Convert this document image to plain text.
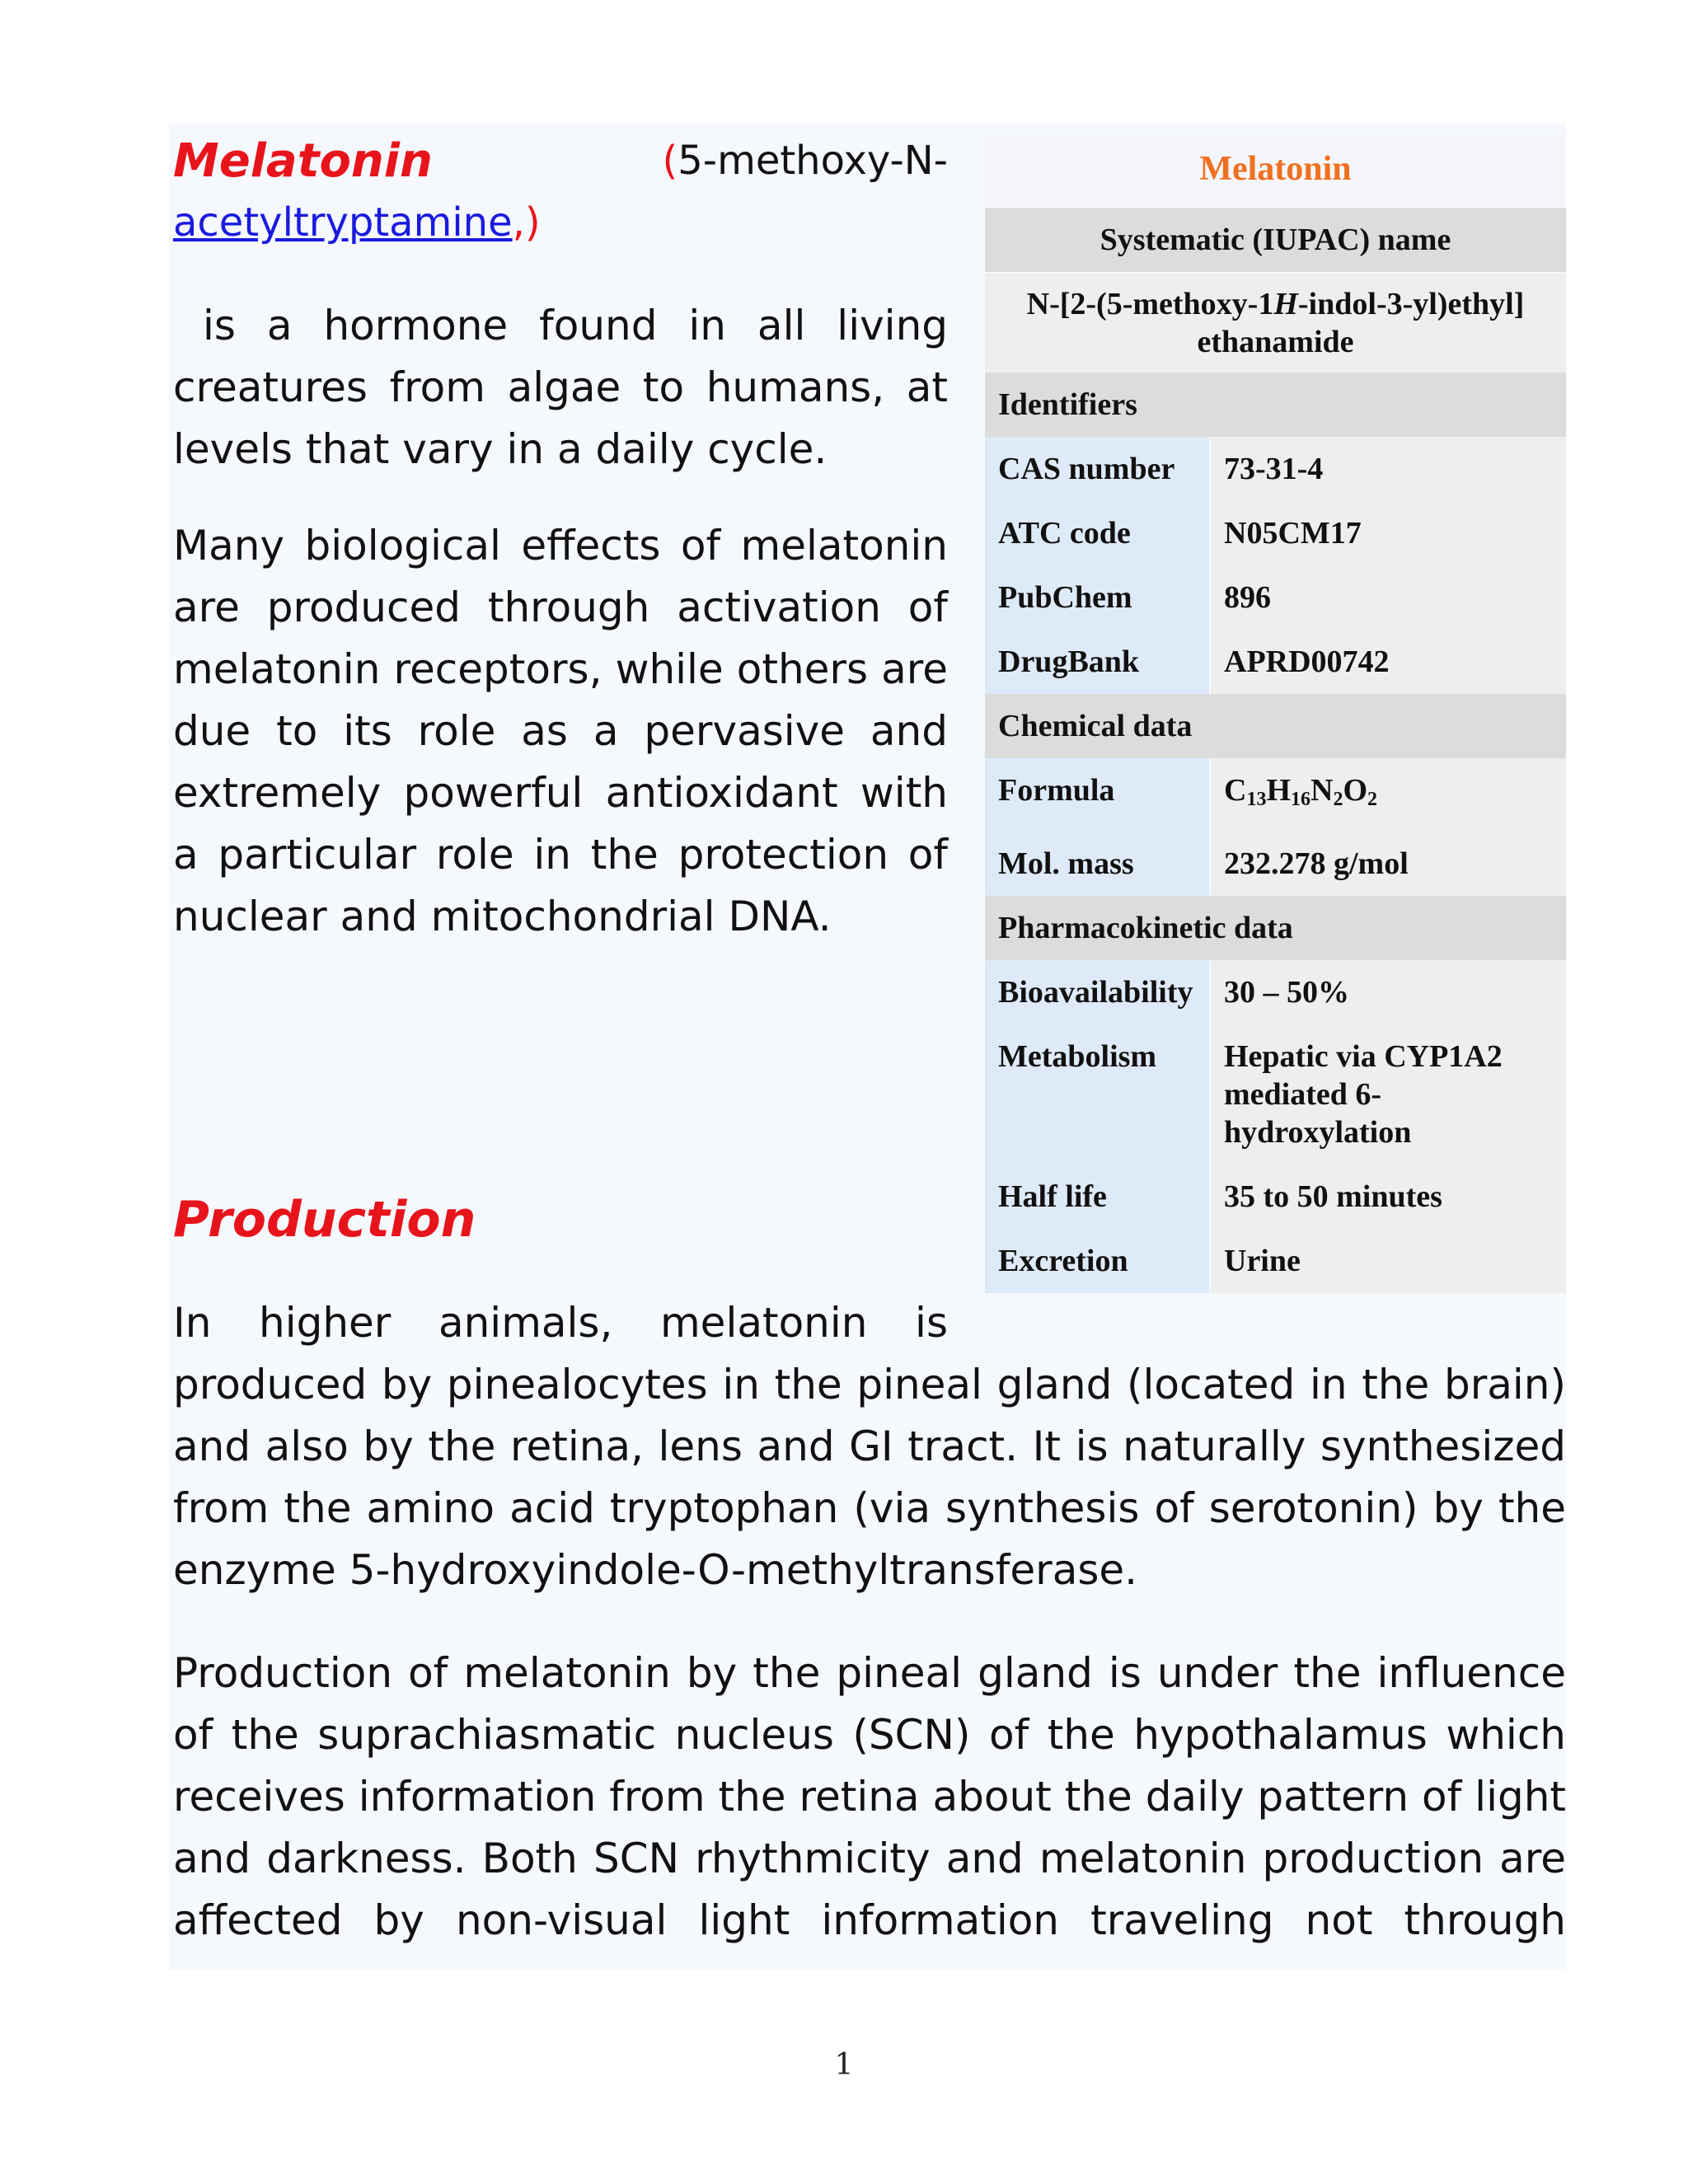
Melatonin	(5-methoxy-N-
acetyltryptamine,)
is a hormone found in all living creatures from algae to humans, at levels that vary in a daily cycle.
Many biological effects of melatonin are produced through activation of melatonin receptors, while others are due to its role as a pervasive and extremely powerful antioxidant with a particular role in the protection of nuclear and mitochondrial DNA.
Production
In higher animals, melatonin is
produced by pinealocytes in the pineal gland (located in the brain) and also by the retina, lens and GI tract. It is naturally synthesized from the amino acid tryptophan (via synthesis of serotonin) by the enzyme 5-hydroxyindole-O-methyltransferase.
Production of melatonin by the pineal gland is under the influence of the suprachiasmatic nucleus (SCN) of the hypothalamus which receives information from the retina about the daily pattern of light and darkness. Both SCN rhythmicity and melatonin production are affected by non-visual light information traveling not through
Melatonin
Systematic (IUPAC) name
N-[2-(5-methoxy-1H-indol-3-yl)ethyl]
ethanamide
Identifiers
CAS number	73-31-4
ATC code	N05CM17
PubChem	896
DrugBank	APRD00742
Chemical data
Formula	$C_{13}H_{16}N_2O_2$
Mol. mass	232.278 g/mol
Pharmacokinetic data
Bioavailability 30 – 50%
Metabolism	Hepatic via CYP1A2 mediated 6-hydroxylation
Half life	35 to 50 minutes
Excretion	Urine
1
